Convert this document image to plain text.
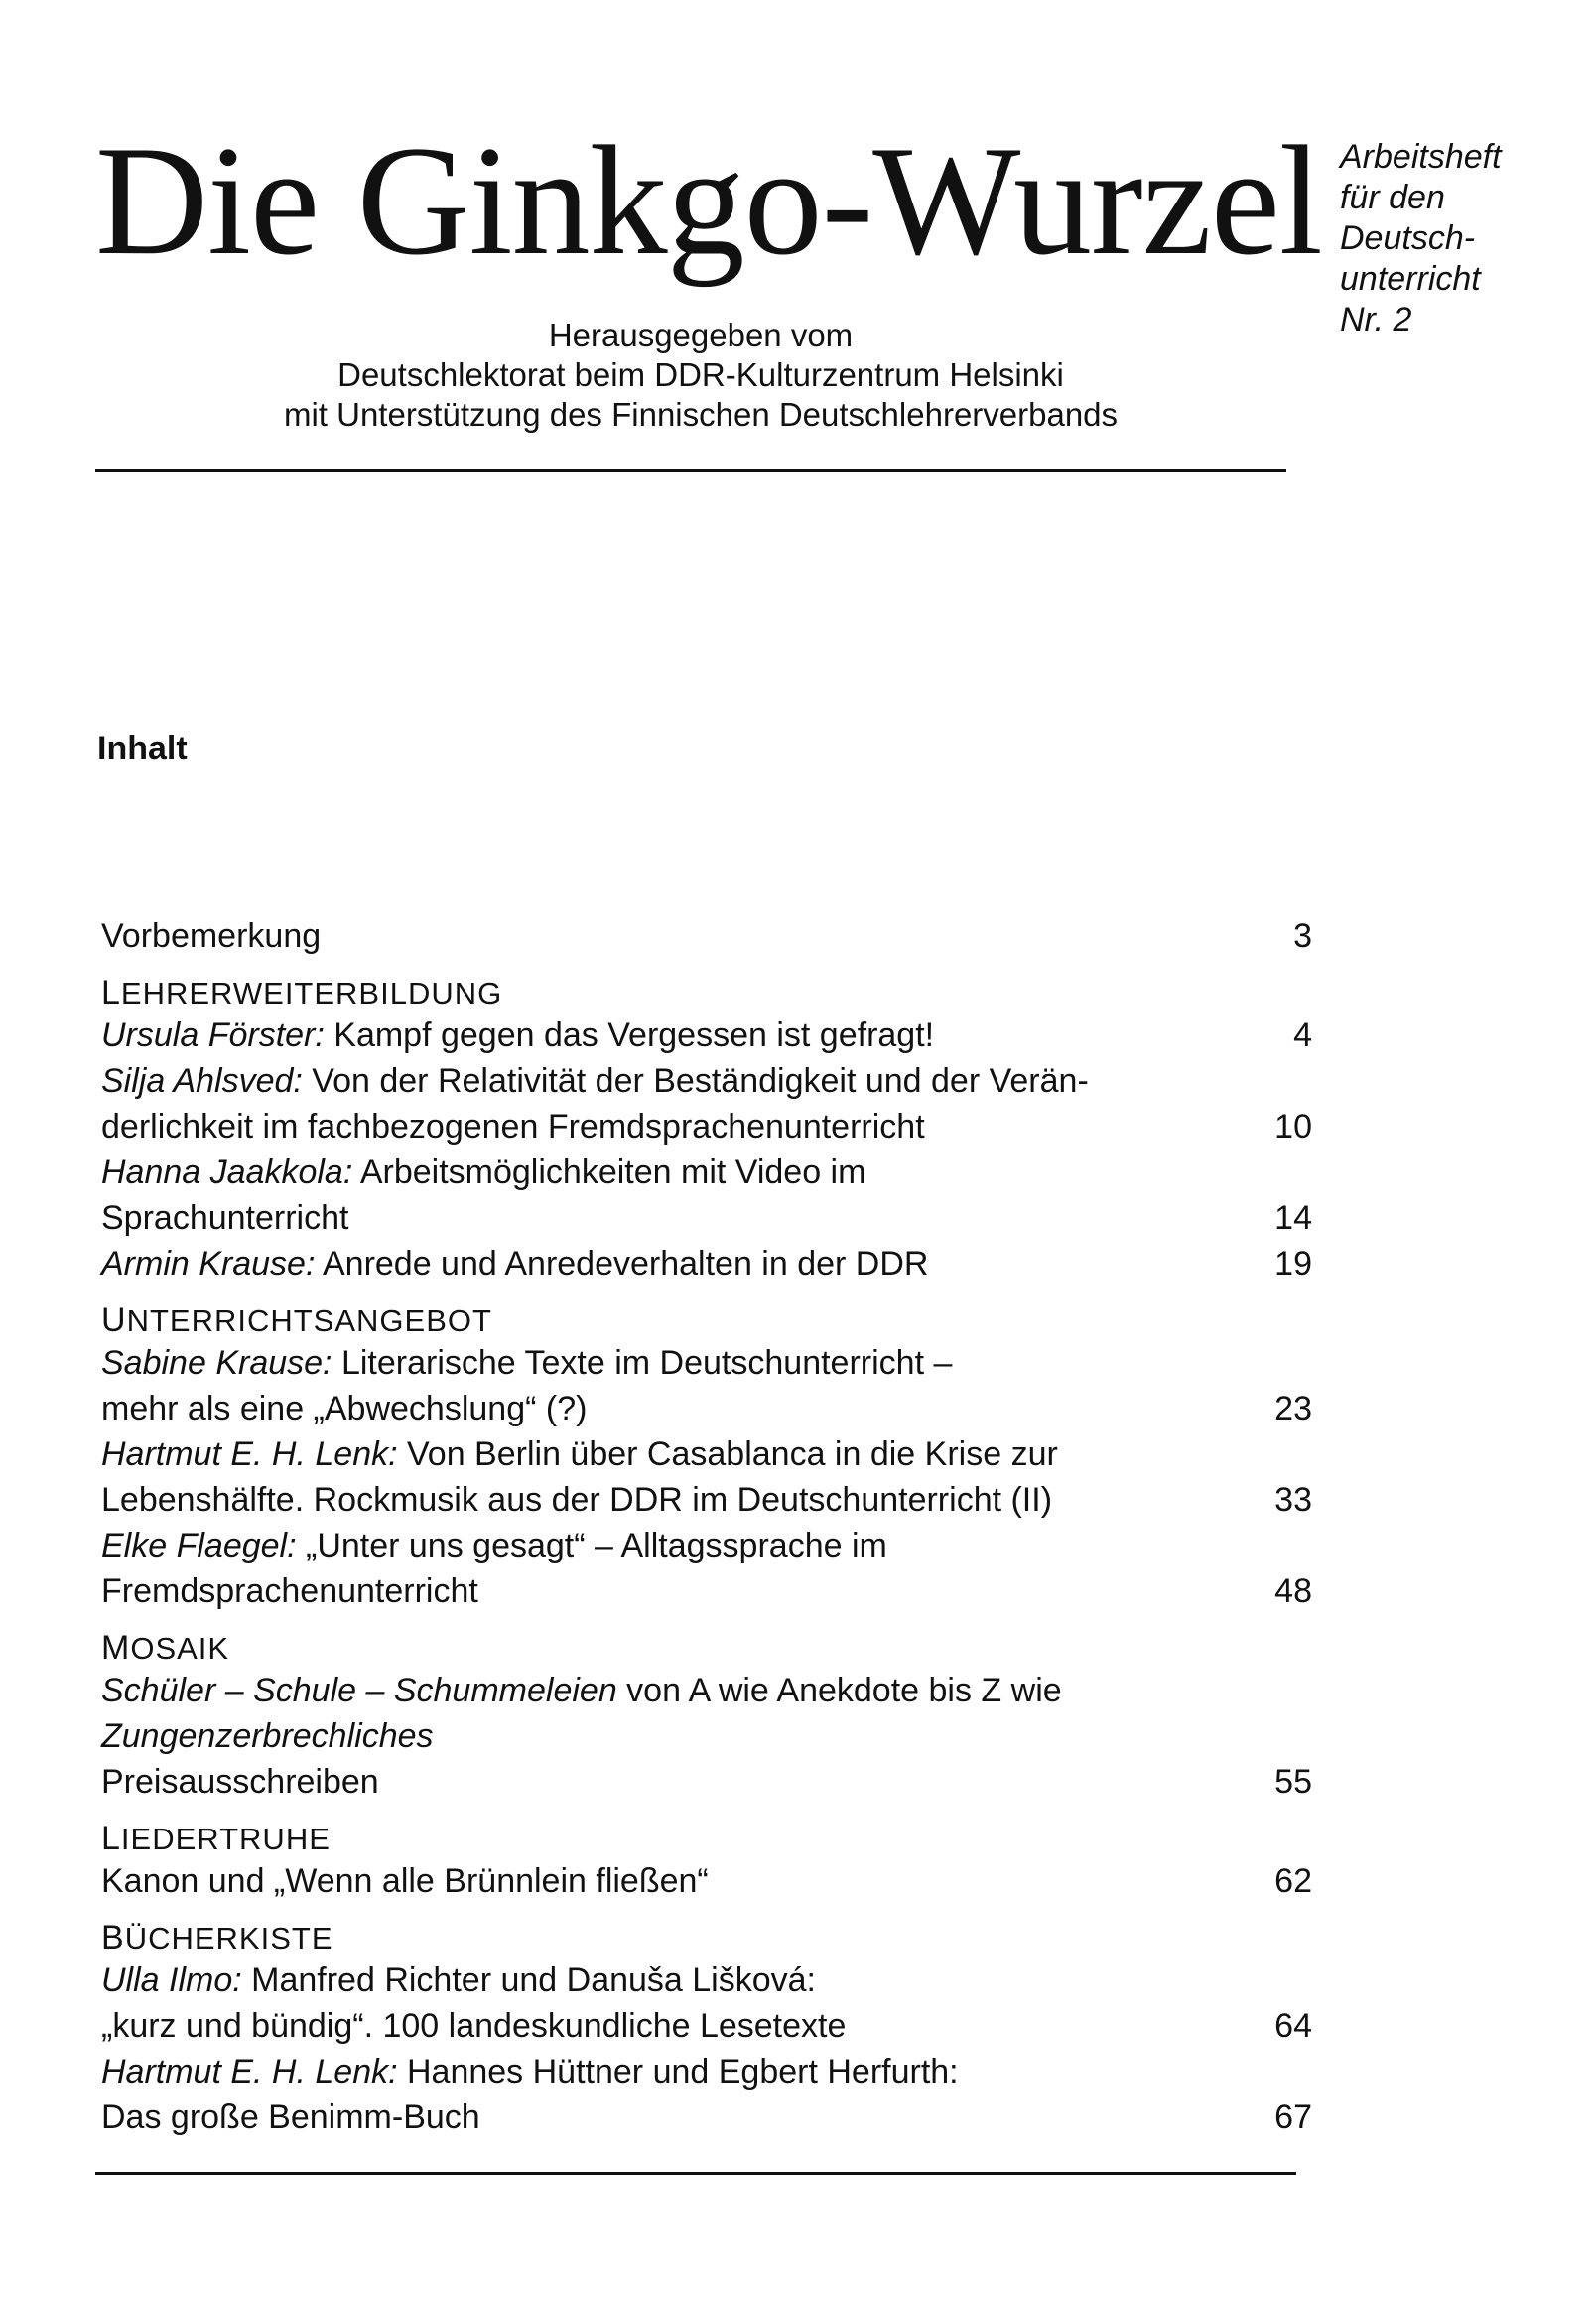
Die Ginkgo-Wurzel Arbeitsheft
für den
Deutsch-
unterricht
Nr. 2
Herausgegeben vom
Deutschlektorat beim DDR-Kulturzentrum Helsinki
mit Unterstützung des Finnischen Deutschlehrerverbands
Inhalt
Vorbemerkung	3
LEHRERWEITERBILDUNG
Ursula Förster: Kampf gegen das Vergessen ist gefragt!	4
Silja Ahlsved: Von der Relativität der Beständigkeit und der Verän-
derlichkeit im fachbezogenen Fremdsprachenunterricht	10
Hanna Jaakkola: Arbeitsmöglichkeiten mit Video im
Sprachunterricht	14
Armin Krause: Anrede und Anredeverhalten in der DDR	19
UNTERRICHTSANGEBOT
Sabine Krause: Literarische Texte im Deutschunterricht –
mehr als eine „Abwechslung“ (?)	23
Hartmut E. H. Lenk: Von Berlin über Casablanca in die Krise zur
Lebenshälfte. Rockmusik aus der DDR im Deutschunterricht (II)	33
Elke Flaegel: „Unter uns gesagt“ – Alltagssprache im
Fremdsprachenunterricht	48
MOSAIK
Schüler – Schule – Schummeleien von A wie Anekdote bis Z wie
Zungenzerbrechliches
Preisausschreiben	55
LIEDERTRUHE
Kanon und „Wenn alle Brünnlein fließen“	62
BÜCHERKISTE
Ulla Ilmo: Manfred Richter und Danuša Lišková:
„kurz und bündig“. 100 landeskundliche Lesetexte	64
Hartmut E. H. Lenk: Hannes Hüttner und Egbert Herfurth:
Das große Benimm-Buch	67
